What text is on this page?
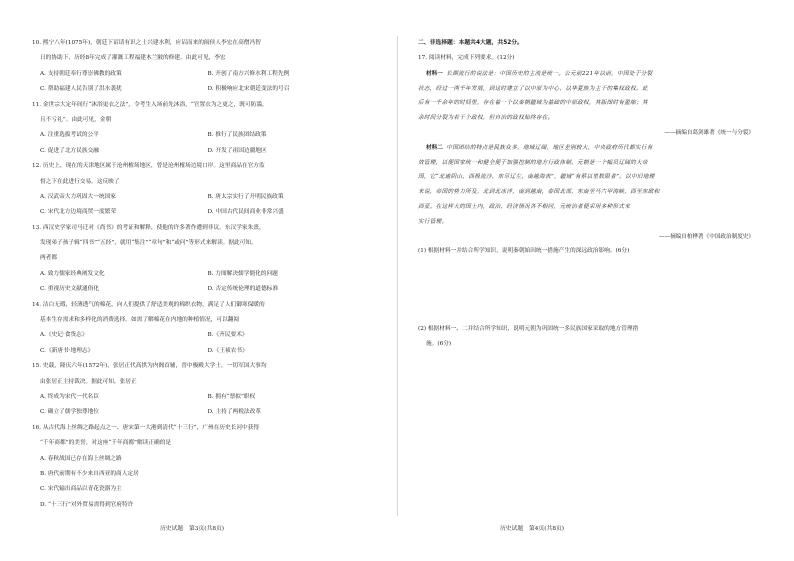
10. 熙宁八年(1075年)，朝廷下诏请有识之士兴建水利，应诏而来的闽侯人李宏在高僧冯智
日的协助下，历经8年完成了灌溉工程福建木兰陂的修建。由此可见，李宏
A. 支持朝廷奉行尊崇佛教的政策	B. 开创了南方兴修水利工程先例
C. 帮助福建人民告别了洪水袭扰	D. 积极响应北宋朝廷变法的号召
11. 金世宗大定年间行“沐浴更衣之法”，令考生入场前先沐浴，“官置衣为之更之，既可防滥，
且不亏礼”。由此可见，金朝
A. 注重选拔考试的公平	B. 推行了民族团结政策
C. 促进了北方民族交融	D. 开发了祖国边疆地区
12. 历史上，现在的天津地区属于沧州榷场地区，曾是沧州榷场边境口岸。这里商品在官方监
督之下在此进行交易。这反映了
A. 汉武帝大力巩固大一统国家	B. 唐太宗实行了开明民族政策
C. 宋代北方边境商贸一度繁荣	D. 中国古代民间商业非常兴盛
13. 西汉史学家司马迁对《尚书》的考证和解释，使他的许多著作遭到非议。东汉学家朱熹，
发现弟子孩子辑“四书”“五经”，就用“集注”“章句”和“或问”等形式来解读。据此可知，
两者都
A. 致力儒家经典阐发文化	B. 力图解决儒学僵化的问题
C. 重视历史文献通俗化	D. 否定传统伦理的道德标准
14. 洁白无瑕，轻薄透气的棉花，向人们提供了舒适美观的棉织衣物，满足了人们御寒保暖的
基本生存需求和多样化的消费选择。如需了解棉花在内地的种植情况，可以翻阅
A.《史记·食货志》	B.《齐民要术》
C.《新唐书·地理志》	D.《王祯农书》
15. 史载，隆庆六年(1572年)，张居正代高拱为内阁首辅，晋中极殿大学士，一切军国大事均
由张居正主持裁决。据此可知，张居正
A. 终成为宋代一代名臣	B. 拥有“票拟”职权
C. 确立了儒学独尊地位	D. 主持了两税法改革
16. 从古代海上丝绸之路起点之一、唐宋第一大港到清代“十三行”，广州在历史长河中获得
“千年商都”的美誉。对这座“千年商都”解读正确的是
A. 春秋战国已存在海上丝绸之路
B. 唐代前期有不少来自西亚的商人定居
C. 宋代输出商品以青花瓷器为主
D. “十三行”对外贸易需得到官府特许
历史试题　第3页(共8页)
二、非选择题：本题共4大题，共52分。
17. 阅读材料，完成下列要求。(12分)
材料一 长期流行的说法是：中国历史的主流是统一。公元前221年以前，中国处于分裂
状态，经过一两千年发展，到这时建立了以中原为中心，以华夏族为主干的集权政权。此
后有一千余年的时间里，存在着一个以秦朝疆域为基础的中原政权，其版图时有盈缩；其
余时间分裂为若干个政权，但自治的政权始终存在。
——摘编自葛剑雄著《统一与分裂》
材料二 中国团结的特点是民族众多，地域辽阔，地区差别较大，中央政府历代都实行有
效管理，以便国家统一和健全便于加强控制的地方行政体制。元朝是一个幅员辽阔的大帝
国，它“北逾阴山，西极流沙，东尽辽左，南越海表”，疆域“有蔡以里数限者”。以中旧地理
来说，帝国的势力所及，北到北冰洋，南到越南，泰国北部，东南至马六甲海峡，西至东欧和
西亚。在这样大的国土内，政治、经济情况各不相同，元统治者便采用多种形式来
实行管理。
——摘编自柏桦著《中国政治制度史》
(1) 根据材料一并结合所学知识，说明秦朝始因统一措施产生的深远政治影响。(6分)
(2) 根据材料一、二并结合所学知识，说明元朝为巩固统一多民族国家采取的地方管理措
施。(6分)
历史试题　第4页(共8页)
